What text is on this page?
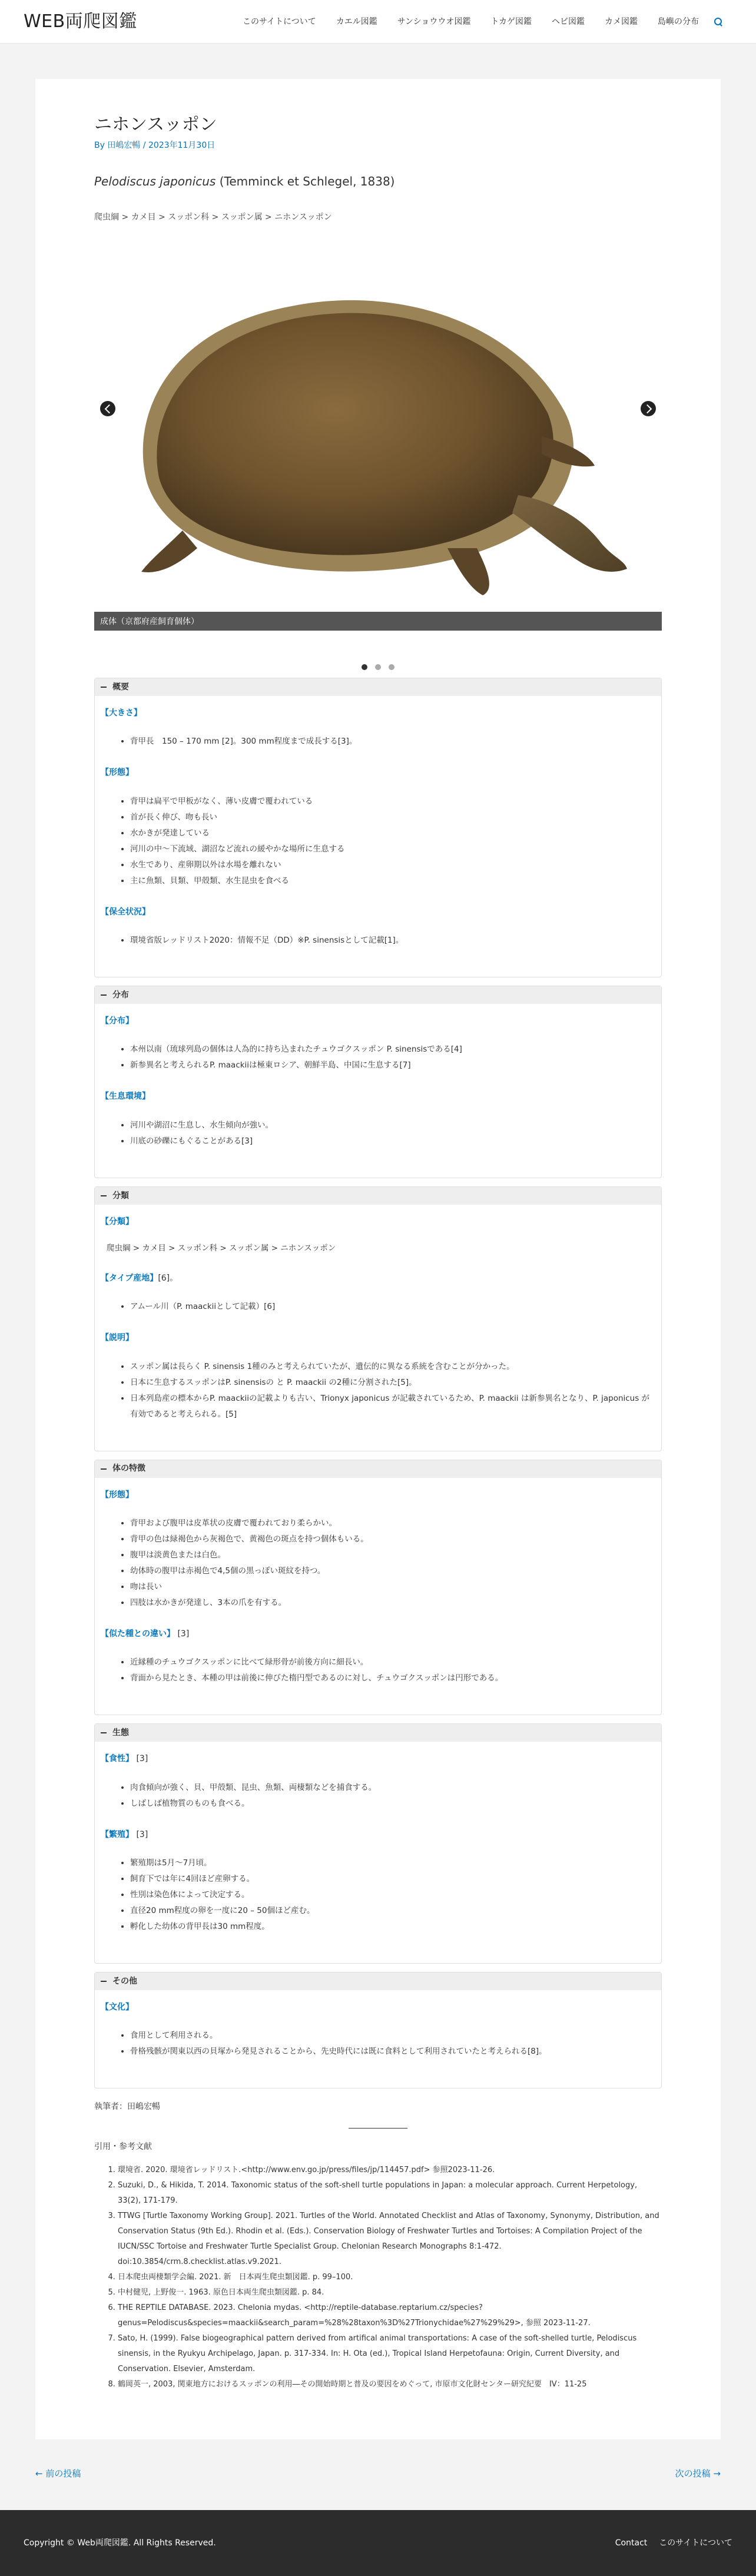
WEB両爬図鑑	このサイトについて	カエル図鑑	サンショウウオ図鑑	トカゲ図鑑	ヘビ図鑑	カメ図鑑	島嶼の分布
ニホンスッポン
By 田嶋宏暢 / 2023年11月30日
Pelodiscus japonicus (Temminck et Schlegel, 1838)
爬虫綱 > カメ目 > スッポン科 > スッポン属 > ニホンスッポン
成体（京都府産飼育個体）

概要
【大きさ】
• 背甲長　150 – 170 mm [2]。300 mm程度まで成長する[3]。
【形態】
• 背甲は扁平で甲板がなく、薄い皮膚で覆われている
• 首が長く伸び、吻も長い
• 水かきが発達している
• 河川の中～下流域、湖沼など流れの緩やかな場所に生息する
• 水生であり、産卵期以外は水場を離れない
• 主に魚類、貝類、甲殻類、水生昆虫を食べる
【保全状況】
• 環境省版レッドリスト2020：情報不足（DD）※P. sinensisとして記載[1]。
分布
【分布】
• 本州以南（琉球列島の個体は人為的に持ち込まれたチュウゴクスッポン P. sinensisである[4]
• 新参異名と考えられるP. maackiiは極東ロシア、朝鮮半島、中国に生息する[7]
【生息環境】
• 河川や湖沼に生息し、水生傾向が強い。
• 川底の砂礫にもぐることがある[3]
分類
【分類】
爬虫綱 > カメ目 > スッポン科 > スッポン属 > ニホンスッポン
【タイプ産地】[6]。
• アムール川（P. maackiiとして記載）[6]
【説明】
• スッポン属は長らく P. sinensis 1種のみと考えられていたが、遺伝的に異なる系統を含むことが分かった。
• 日本に生息するスッポンはP. sinensisの と P. maackii の2種に分割された[5]。
• 日本列島産の標本からP. maackiiの記載よりも古い、Trionyx japonicus が記載されているため、P. maackii は新参異名となり、P. japonicus が有効であると考えられる。[5]
体の特徴
【形態】
• 背甲および腹甲は皮革状の皮膚で覆われており柔らかい。
• 背甲の色は緑褐色から灰褐色で、黄褐色の斑点を持つ個体もいる。
• 腹甲は淡黄色または白色。
• 幼体時の腹甲は赤褐色で4,5個の黒っぽい斑紋を持つ。
• 吻は長い
• 四肢は水かきが発達し、3本の爪を有する。
【似た種との違い】 [3]
• 近縁種のチュウゴクスッポンに比べて緑形骨が前後方向に細長い。
• 背面から見たとき、本種の甲は前後に伸びた楕円型であるのに対し、チュウゴクスッポンは円形である。
生態
【食性】 [3]
• 肉食傾向が強く、貝、甲殻類、昆虫、魚類、両棲類などを捕食する。
• しばしば植物質のものも食べる。
【繁殖】 [3]
• 繁殖期は5月～7月頃。
• 飼育下では年に4回ほど産卵する。
• 性別は染色体によって決定する。
• 直径20 mm程度の卵を一度に20 – 50個ほど産む。
• 孵化した幼体の背甲長は30 mm程度。
その他
【文化】
• 食用として利用される。
• 骨格残骸が関東以西の貝塚から発見されることから、先史時代には既に食料として利用されていたと考えられる[8]。
執筆者：田嶋宏暢
引用・参考文献
1. 環境省. 2020. 環境省レッドリスト.<http://www.env.go.jp/press/files/jp/114457.pdf> 参照2023-11-26.
2. Suzuki, D., & Hikida, T. 2014. Taxonomic status of the soft-shell turtle populations in Japan: a molecular approach. Current Herpetology, 33(2), 171-179.
3. TTWG [Turtle Taxonomy Working Group]. 2021. Turtles of the World. Annotated Checklist and Atlas of Taxonomy, Synonymy, Distribution, and Conservation Status (9th Ed.). Rhodin et al. (Eds.). Conservation Biology of Freshwater Turtles and Tortoises: A Compilation Project of the IUCN/SSC Tortoise and Freshwater Turtle Specialist Group. Chelonian Research Monographs 8:1-472. doi:10.3854/crm.8.checklist.atlas.v9.2021.
4. 日本爬虫両棲類学会編. 2021. 新　日本両生爬虫類図鑑. p. 99–100.
5. 中村健児, 上野俊一. 1963. 原色日本両生爬虫類図鑑. p. 84.
6. THE REPTILE DATABASE. 2023. Chelonia mydas. <http://reptile-database.reptarium.cz/species?genus=Pelodiscus&species=maackii&search_param=%28%28taxon%3D%27Trionychidae%27%29%29>, 参照 2023-11-27.
7. Sato, H. (1999). False biogeographical pattern derived from artifical animal transportations: A case of the soft-shelled turtle, Pelodiscus sinensis, in the Ryukyu Archipelago, Japan. p. 317-334. In: H. Ota (ed.), Tropical Island Herpetofauna: Origin, Current Diversity, and Conservation. Elsevier, Amsterdam.
8. 鶴岡英一, 2003, 関東地方におけるスッポンの利用―その開始時期と普及の要因をめぐって, 市原市文化財センター研究紀要　IV：11-25
← 前の投稿	次の投稿 →
Copyright © Web両爬図鑑. All Rights Reserved.	Contact このサイトについて
